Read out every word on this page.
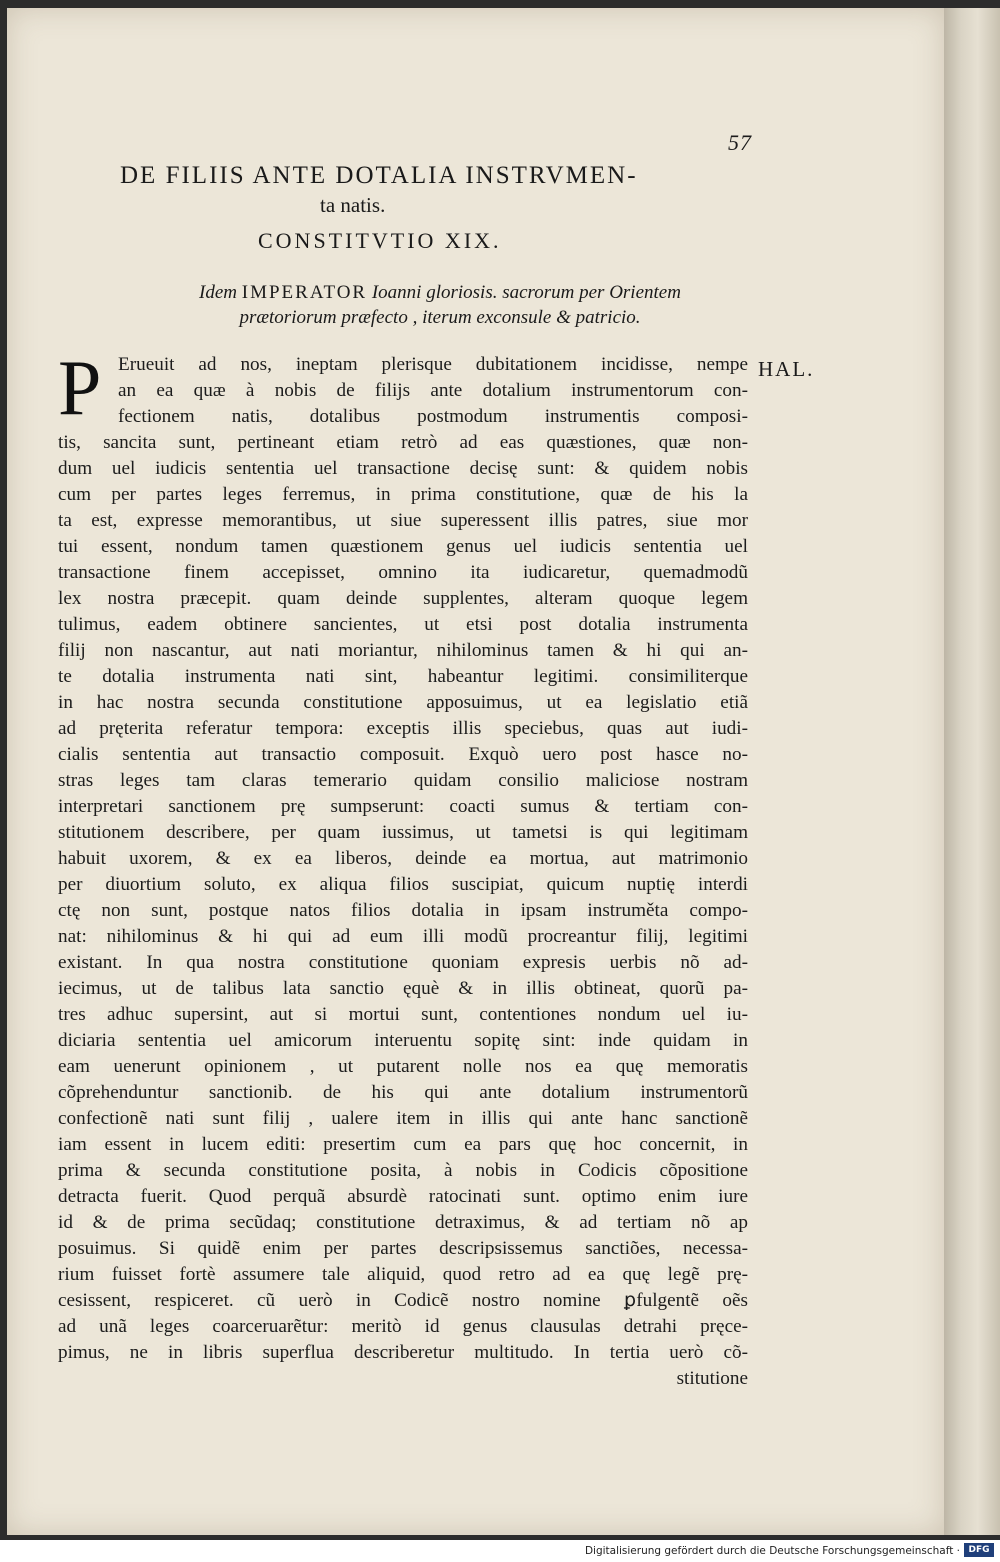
57
DE FILIIS ANTE DOTALIA INSTRVMEN-
ta natis.
CONSTITVTIO XIX.
Idem IMPERATOR Ioanni gloriosis. sacrorum per Orientem
prætoriorum præfecto , iterum exconsule & patricio.
HAL.
P Erueuit ad nos, ineptam plerisque dubitationem incidisse, nempe
an ea quæ à nobis de filijs ante dotalium instrumentorum con-
fectionem natis, dotalibus postmodum instrumentis composi-
tis, sancita sunt, pertineant etiam retrò ad eas quæstiones, quæ non-
dum uel iudicis sententia uel transactione decisę sunt: & quidem nobis
cum per partes leges ferremus, in prima constitutione, quæ de his la
ta est, expresse memorantibus, ut siue superessent illis patres, siue mor
tui essent, nondum tamen quæstionem genus uel iudicis sententia uel
transactione finem accepisset, omnino ita iudicaretur, quemadmodũ
lex nostra præcepit. quam deinde supplentes, alteram quoque legem
tulimus, eadem obtinere sancientes, ut etsi post dotalia instrumenta
filij non nascantur, aut nati moriantur, nihilominus tamen & hi qui an-
te dotalia instrumenta nati sint, habeantur legitimi. consimiliterque
in hac nostra secunda constitutione apposuimus, ut ea legislatio etiã
ad pręterita referatur tempora: exceptis illis speciebus, quas aut iudi-
cialis sententia aut transactio composuit. Exquò uero post hasce no-
stras leges tam claras temerario quidam consilio maliciose nostram
interpretari sanctionem prę sumpserunt: coacti sumus & tertiam con-
stitutionem describere, per quam iussimus, ut tametsi is qui legitimam
habuit uxorem, & ex ea liberos, deinde ea mortua, aut matrimonio
per diuortium soluto, ex aliqua filios suscipiat, quicum nuptię interdi
ctę non sunt, postque natos filios dotalia in ipsam instruměta compo-
nat: nihilominus & hi qui ad eum illi modũ procreantur filij, legitimi
existant. In qua nostra constitutione quoniam expresis uerbis nõ ad-
iecimus, ut de talibus lata sanctio ęquè & in illis obtineat, quorũ pa-
tres adhuc supersint, aut si mortui sunt, contentiones nondum uel iu-
diciaria sententia uel amicorum interuentu sopitę sint: inde quidam in
eam uenerunt opinionem , ut putarent nolle nos ea quę memoratis
cõprehenduntur sanctionib. de his qui ante dotalium instrumentorũ
confectionẽ nati sunt filij , ualere item in illis qui ante hanc sanctionẽ
iam essent in lucem editi: presertim cum ea pars quę hoc concernit, in
prima & secunda constitutione posita, à nobis in Codicis cõpositione
detracta fuerit. Quod perquã absurdè ratocinati sunt. optimo enim iure
id & de prima secũdaq; constitutione detraximus, & ad tertiam nõ ap
posuimus. Si quidẽ enim per partes descripsissemus sanctiões, necessa-
rium fuisset fortè assumere tale aliquid, quod retro ad ea quę legẽ prę-
cesissent, respiceret. cũ uerò in Codicẽ nostro nomine ꝑfulgentẽ oẽs
ad unã leges coarceruarẽtur: meritò id genus clausulas detrahi pręce-
pimus, ne in libris superflua describeretur multitudo. In tertia uerò cõ-
stitutione
Digitalisierung gefördert durch die Deutsche Forschungsgemeinschaft · DFG
